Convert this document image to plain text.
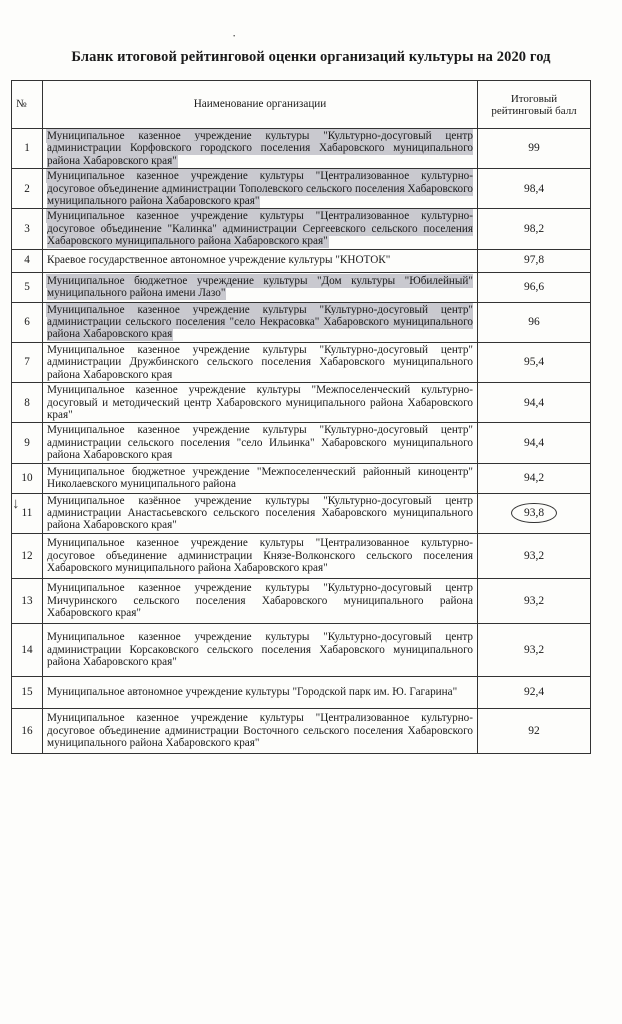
Бланк итоговой рейтинговой оценки организаций культуры на 2020 год
·
↓
№	Наименование организации	Итоговый рейтинговый балл
1	Муниципальное казенное учреждение культуры "Культурно-досуговый центр администрации Корфовского городского поселения Хабаровского муниципального района Хабаровского края"	99
2	Муниципальное казенное учреждение культуры "Централизованное культурно-досуговое объединение администрации Тополевского сельского поселения Хабаровского муниципального района Хабаровского края"	98,4
3	Муниципальное казенное учреждение культуры "Централизованное культурно-досуговое объединение "Калинка" администрации Сергеевского сельского поселения Хабаровского муниципального района Хабаровского края"	98,2
4	Краевое государственное автономное учреждение культуры "КНОТОК"	97,8
5	Муниципальное бюджетное учреждение культуры "Дом культуры "Юбилейный" муниципального района имени Лазо"	96,6
6	Муниципальное казенное учреждение культуры "Культурно-досуговый центр" администрации сельского поселения "село Некрасовка" Хабаровского муниципального района Хабаровского края	96
7	Муниципальное казенное учреждение культуры "Культурно-досуговый центр" администрации Дружбинского сельского поселения Хабаровского муниципального района Хабаровского края	95,4
8	Муниципальное казенное учреждение культуры "Межпоселенческий культурно-досуговый и методический центр Хабаровского муниципального района Хабаровского края"	94,4
9	Муниципальное казенное учреждение культуры "Культурно-досуговый центр" администрации сельского поселения "село Ильинка" Хабаровского муниципального района Хабаровского края	94,4
10	Муниципальное бюджетное учреждение "Межпоселенческий районный киноцентр" Николаевского муниципального района	94,2
11	Муниципальное казённое учреждение культуры "Культурно-досуговый центр администрации Анастасьевского сельского поселения Хабаровского муниципального района Хабаровского края"	93,8
12	Муниципальное казенное учреждение культуры "Централизованное культурно-досуговое объединение администрации Князе-Волконского сельского поселения Хабаровского муниципального района Хабаровского края"	93,2
13	Муниципальное казенное учреждение культуры "Культурно-досуговый центр Мичуринского сельского поселения Хабаровского муниципального района Хабаровского края"	93,2
14	Муниципальное казенное учреждение культуры "Культурно-досуговый центр администрации Корсаковского сельского поселения Хабаровского муниципального района Хабаровского края"	93,2
15	Муниципальное автономное учреждение культуры "Городской парк им. Ю. Гагарина"	92,4
16	Муниципальное казенное учреждение культуры "Централизованное культурно-досуговое объединение администрации Восточного сельского поселения Хабаровского муниципального района Хабаровского края"	92
